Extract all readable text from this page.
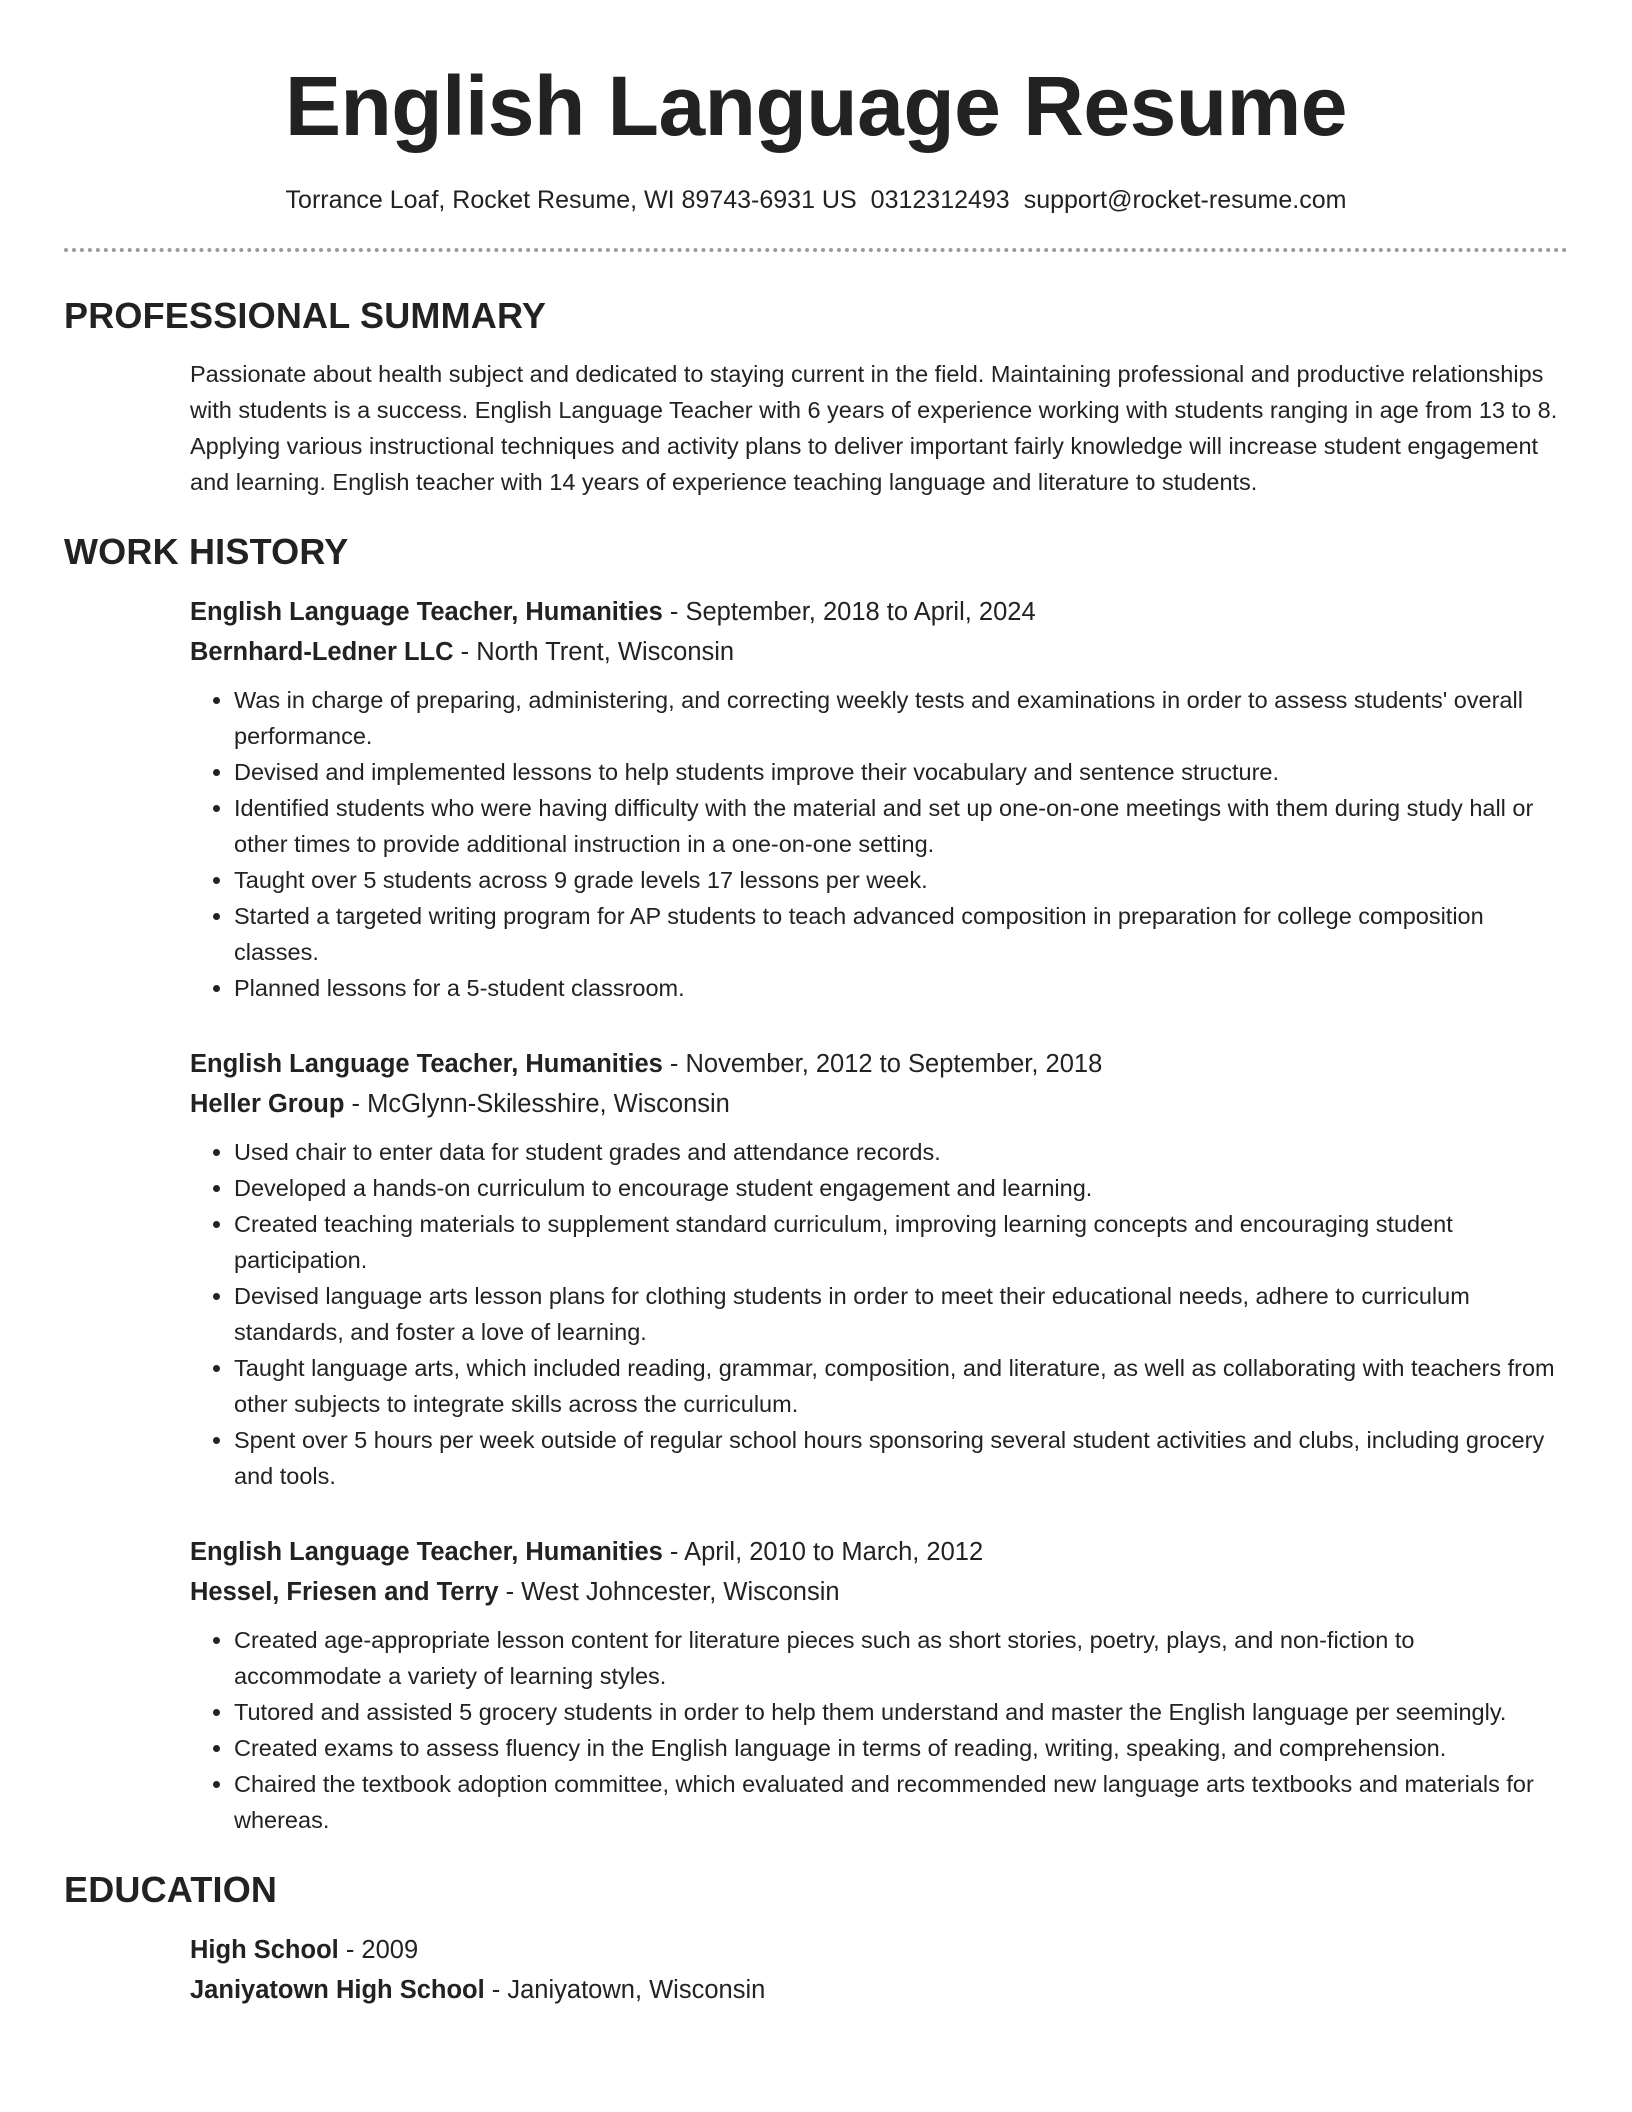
English Language Resume
Torrance Loaf, Rocket Resume, WI 89743-6931 US 0312312493 support@rocket-resume.com
PROFESSIONAL SUMMARY

Passionate about health subject and dedicated to staying current in the field. Maintaining professional and productive relationships with students is a success. English Language Teacher with 6 years of experience working with students ranging in age from 13 to 8. Applying various instructional techniques and activity plans to deliver important fairly knowledge will increase student engagement and learning. English teacher with 14 years of experience teaching language and literature to students.

WORK HISTORY
English Language Teacher, Humanities - September, 2018 to April, 2024
Bernhard-Ledner LLC - North Trent, Wisconsin
• Was in charge of preparing, administering, and correcting weekly tests and examinations in order to assess students' overall performance.
• Devised and implemented lessons to help students improve their vocabulary and sentence structure.
• Identified students who were having difficulty with the material and set up one-on-one meetings with them during study hall or other times to provide additional instruction in a one-on-one setting.
• Taught over 5 students across 9 grade levels 17 lessons per week.
• Started a targeted writing program for AP students to teach advanced composition in preparation for college composition classes.
• Planned lessons for a 5-student classroom.
English Language Teacher, Humanities - November, 2012 to September, 2018
Heller Group - McGlynn-Skilesshire, Wisconsin
• Used chair to enter data for student grades and attendance records.
• Developed a hands-on curriculum to encourage student engagement and learning.
• Created teaching materials to supplement standard curriculum, improving learning concepts and encouraging student participation.
• Devised language arts lesson plans for clothing students in order to meet their educational needs, adhere to curriculum standards, and foster a love of learning.
• Taught language arts, which included reading, grammar, composition, and literature, as well as collaborating with teachers from other subjects to integrate skills across the curriculum.
• Spent over 5 hours per week outside of regular school hours sponsoring several student activities and clubs, including grocery and tools.
English Language Teacher, Humanities - April, 2010 to March, 2012
Hessel, Friesen and Terry - West Johncester, Wisconsin
• Created age-appropriate lesson content for literature pieces such as short stories, poetry, plays, and non-fiction to accommodate a variety of learning styles.
• Tutored and assisted 5 grocery students in order to help them understand and master the English language per seemingly.
• Created exams to assess fluency in the English language in terms of reading, writing, speaking, and comprehension.
• Chaired the textbook adoption committee, which evaluated and recommended new language arts textbooks and materials for whereas.
EDUCATION
High School - 2009
Janiyatown High School - Janiyatown, Wisconsin
